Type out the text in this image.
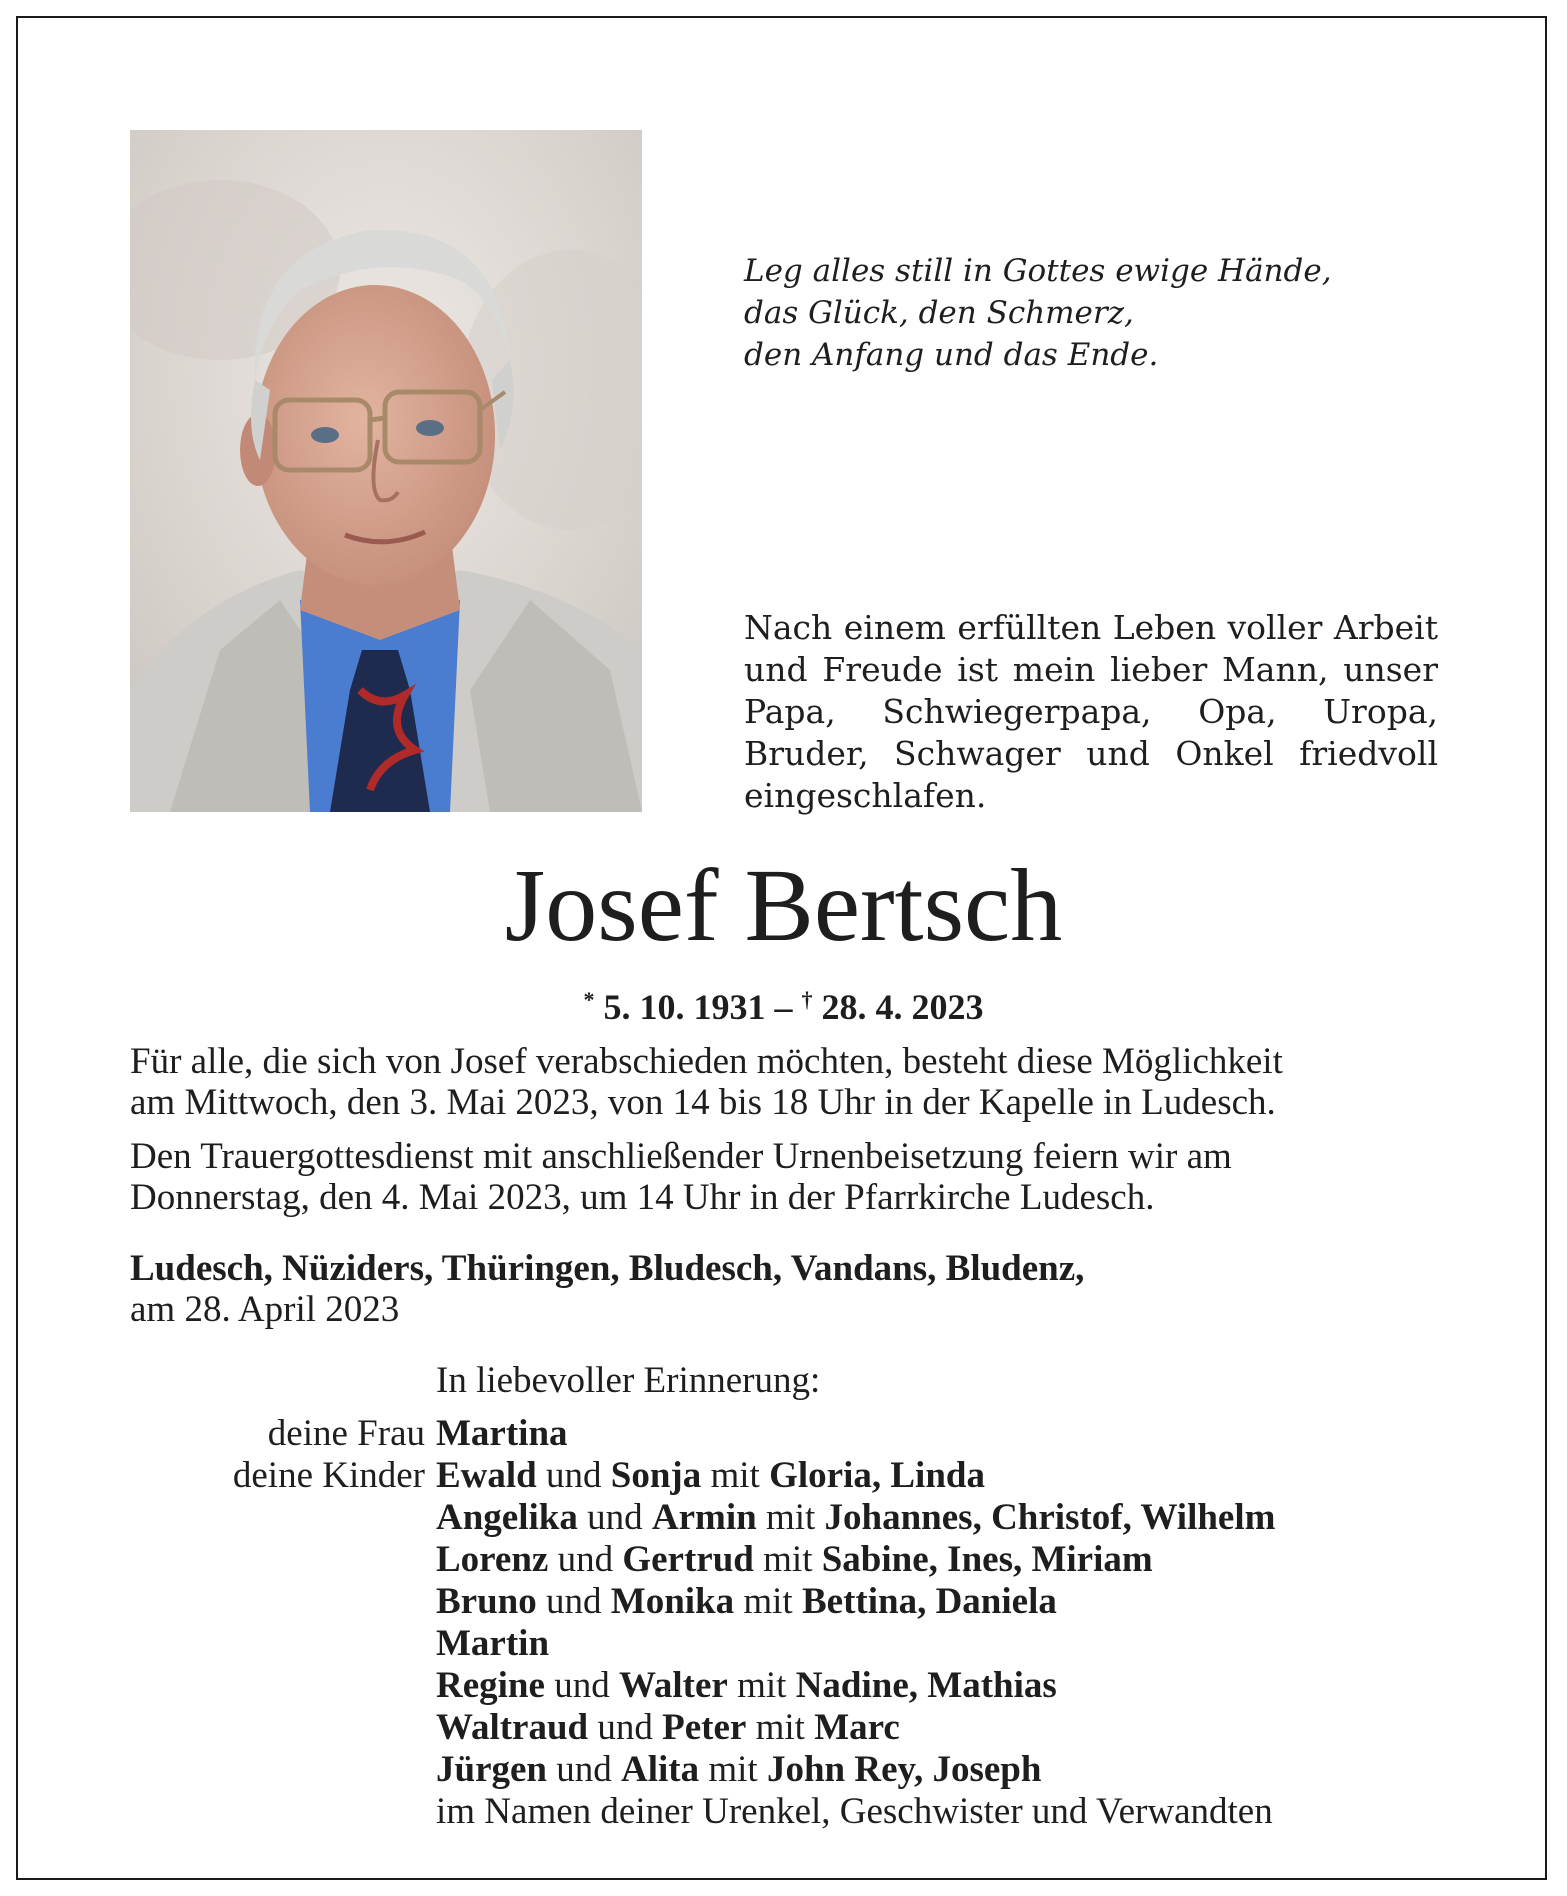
Leg alles still in Gottes ewige Hände,
das Glück, den Schmerz,
den Anfang und das Ende.
Nach einem erfüllten Leben voller Arbeit und Freude ist mein lieber Mann, unser Papa, Schwiegerpapa, Opa, Uropa, Bruder, Schwager und Onkel friedvoll eingeschlafen.
Josef Bertsch
* 5. 10. 1931 – † 28. 4. 2023
Für alle, die sich von Josef verabschieden möchten, besteht diese Möglichkeit
am Mittwoch, den 3. Mai 2023, von 14 bis 18 Uhr in der Kapelle in Ludesch.
Den Trauergottesdienst mit anschließender Urnenbeisetzung feiern wir am
Donnerstag, den 4. Mai 2023, um 14 Uhr in der Pfarrkirche Ludesch.
Ludesch, Nüziders, Thüringen, Bludesch, Vandans, Bludenz,
am 28. April 2023
In liebevoller Erinnerung:
deine Frau Martina
deine Kinder Ewald und Sonja mit Gloria, Linda
Angelika und Armin mit Johannes, Christof, Wilhelm
Lorenz und Gertrud mit Sabine, Ines, Miriam
Bruno und Monika mit Bettina, Daniela
Martin
Regine und Walter mit Nadine, Mathias
Waltraud und Peter mit Marc
Jürgen und Alita mit John Rey, Joseph
im Namen deiner Urenkel, Geschwister und Verwandten
